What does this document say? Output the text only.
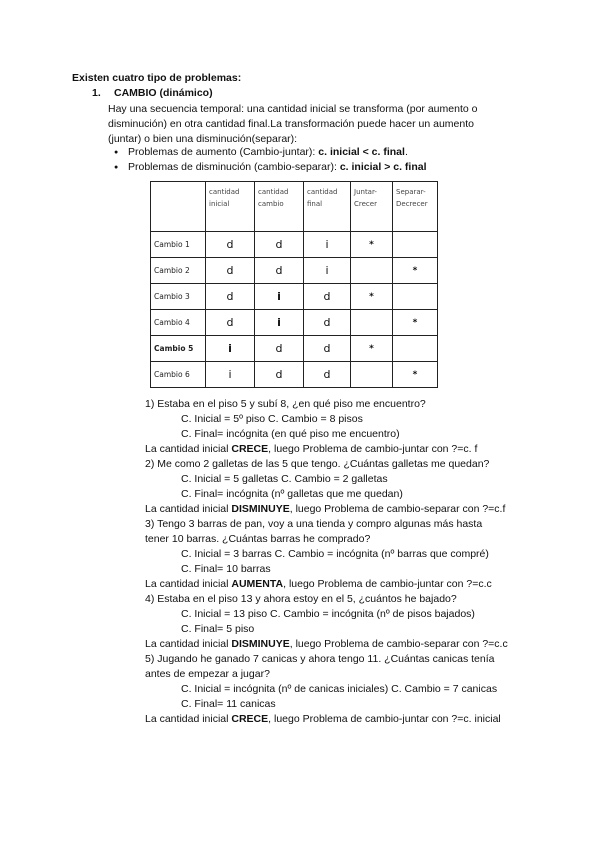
Existen cuatro tipo de problemas:
1. CAMBIO (dinámico)
Hay una secuencia temporal: una cantidad inicial se transforma (por aumento o
disminución) en otra cantidad final.La transformación puede hacer un aumento
(juntar) o bien una disminución(separar):
● Problemas de aumento (Cambio-juntar): c. inicial < c. final.
● Problemas de disminución (cambio-separar): c. inicial > c. final
	cantidad inicial	cantidad cambio	cantidad final	Juntar-Crecer	Separar-Decrecer
Cambio 1	d	d	i	*	
Cambio 2	d	d	i		*
Cambio 3	d	i	d	*	
Cambio 4	d	i	d		*
Cambio 5	i	d	d	*	
Cambio 6	i	d	d		*
1) Estaba en el piso 5 y subí 8, ¿en qué piso me encuentro?
C. Inicial = 5º piso C. Cambio = 8 pisos
C. Final= incógnita (en qué piso me encuentro)
La cantidad inicial CRECE, luego Problema de cambio-juntar con ?=c. f
2) Me como 2 galletas de las 5 que tengo. ¿Cuántas galletas me quedan?
C. Inicial = 5 galletas C. Cambio = 2 galletas
C. Final= incógnita (nº galletas que me quedan)
La cantidad inicial DISMINUYE, luego Problema de cambio-separar con ?=c.f
3) Tengo 3 barras de pan, voy a una tienda y compro algunas más hasta
tener 10 barras. ¿Cuántas barras he comprado?
C. Inicial = 3 barras C. Cambio = incógnita (nº barras que compré)
C. Final= 10 barras
La cantidad inicial AUMENTA, luego Problema de cambio-juntar con ?=c.c
4) Estaba en el piso 13 y ahora estoy en el 5, ¿cuántos he bajado?
C. Inicial = 13 piso C. Cambio = incógnita (nº de pisos bajados)
C. Final= 5 piso
La cantidad inicial DISMINUYE, luego Problema de cambio-separar con ?=c.c
5) Jugando he ganado 7 canicas y ahora tengo 11. ¿Cuántas canicas tenía
antes de empezar a jugar?
C. Inicial = incógnita (nº de canicas iniciales) C. Cambio = 7 canicas
C. Final= 11 canicas
La cantidad inicial CRECE, luego Problema de cambio-juntar con ?=c. inicial
